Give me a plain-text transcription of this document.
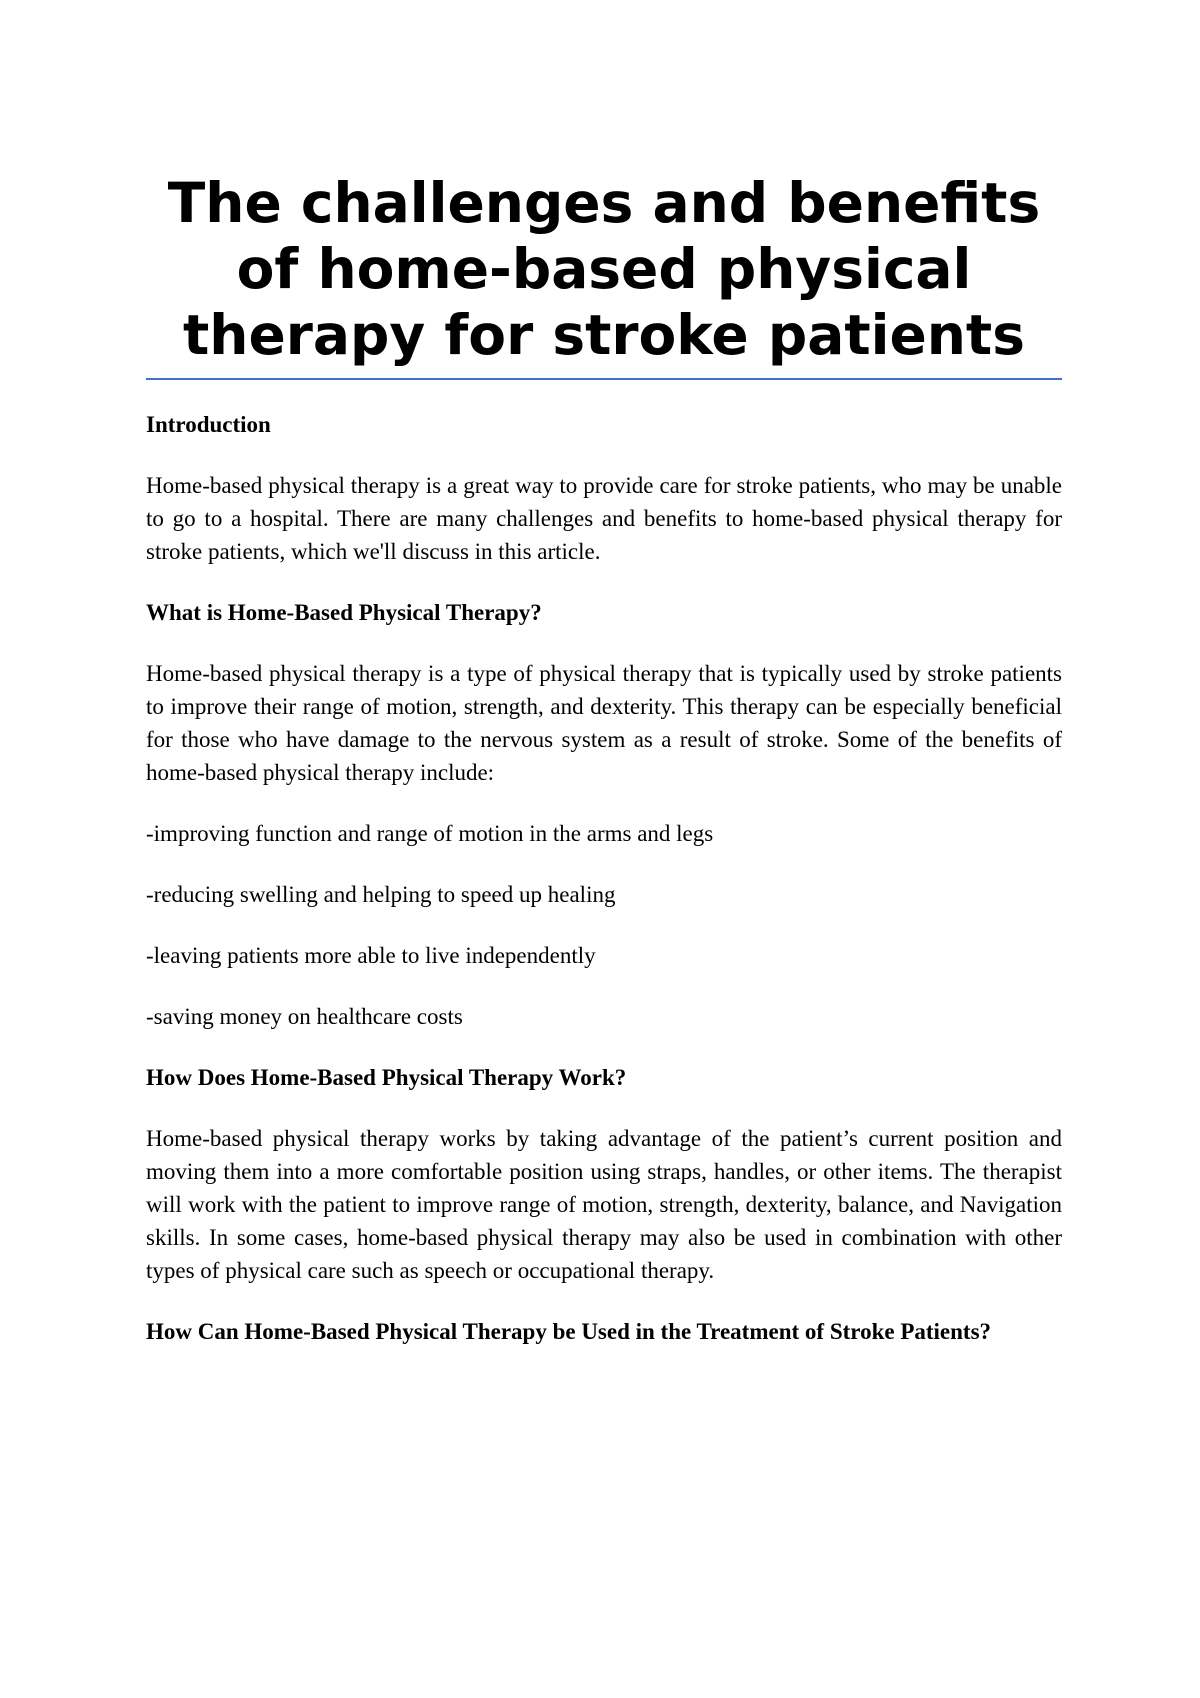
The challenges and benefits of home-based physical therapy for stroke patients

Introduction

Home-based physical therapy is a great way to provide care for stroke patients, who may be unable to go to a hospital. There are many challenges and benefits to home-based physical therapy for stroke patients, which we'll discuss in this article.

What is Home-Based Physical Therapy?

Home-based physical therapy is a type of physical therapy that is typically used by stroke patients to improve their range of motion, strength, and dexterity. This therapy can be especially beneficial for those who have damage to the nervous system as a result of stroke. Some of the benefits of home-based physical therapy include:

-improving function and range of motion in the arms and legs

-reducing swelling and helping to speed up healing

-leaving patients more able to live independently

-saving money on healthcare costs

How Does Home-Based Physical Therapy Work?

Home-based physical therapy works by taking advantage of the patient’s current position and moving them into a more comfortable position using straps, handles, or other items. The therapist will work with the patient to improve range of motion, strength, dexterity, balance, and Navigation skills. In some cases, home-based physical therapy may also be used in combination with other types of physical care such as speech or occupational therapy.

How Can Home-Based Physical Therapy be Used in the Treatment of Stroke Patients?
